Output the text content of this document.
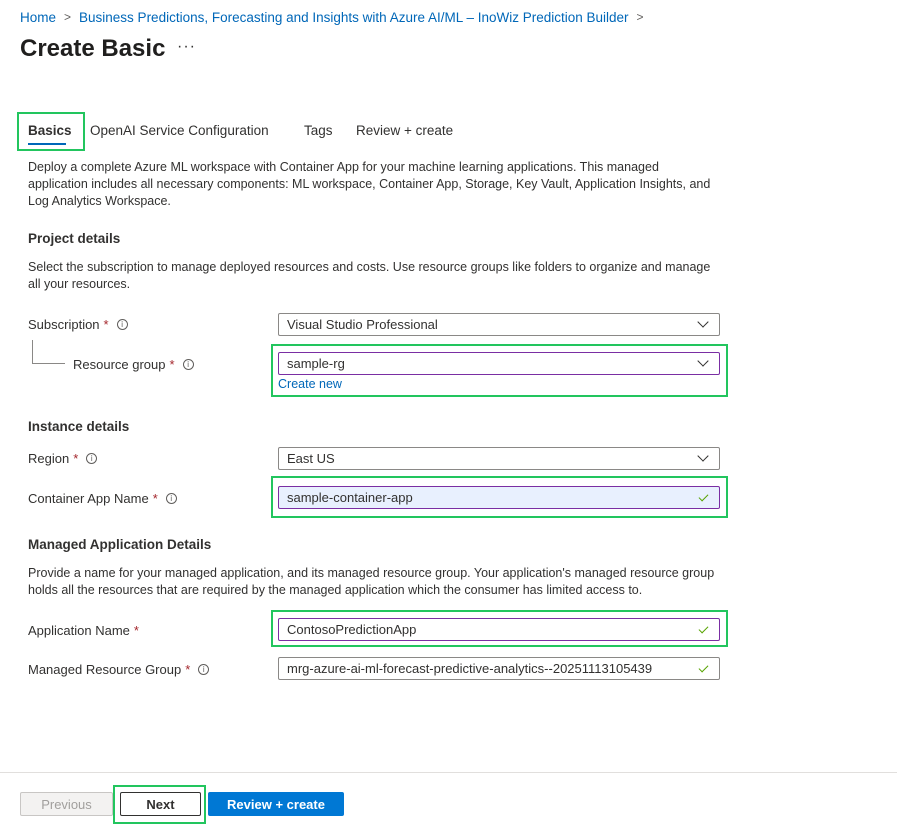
Home > Business Predictions, Forecasting and Insights with Azure AI/ML – InoWiz Prediction Builder >
Create Basic ···
Basics OpenAI Service Configuration	Tags Review + create
Deploy a complete Azure ML workspace with Container App for your machine learning applications. This managed application includes all necessary components: ML workspace, Container App, Storage, Key Vault, Application Insights, and Log Analytics Workspace.
Project details
Select the subscription to manage deployed resources and costs. Use resource groups like folders to organize and manage all your resources.
Subscription *	i	Visual Studio Professional
Resource group *	i	sample-rg
Create new
Instance details
Region *	i	East US
Container App Name *	i	sample-container-app
Managed Application Details
Provide a name for your managed application, and its managed resource group. Your application's managed resource group holds all the resources that are required by the managed application which the consumer has limited access to.
Application Name *	ContosoPredictionApp
Managed Resource Group *	i	mrg-azure-ai-ml-forecast-predictive-analytics--20251113105439
Previous	Next	Review + create
